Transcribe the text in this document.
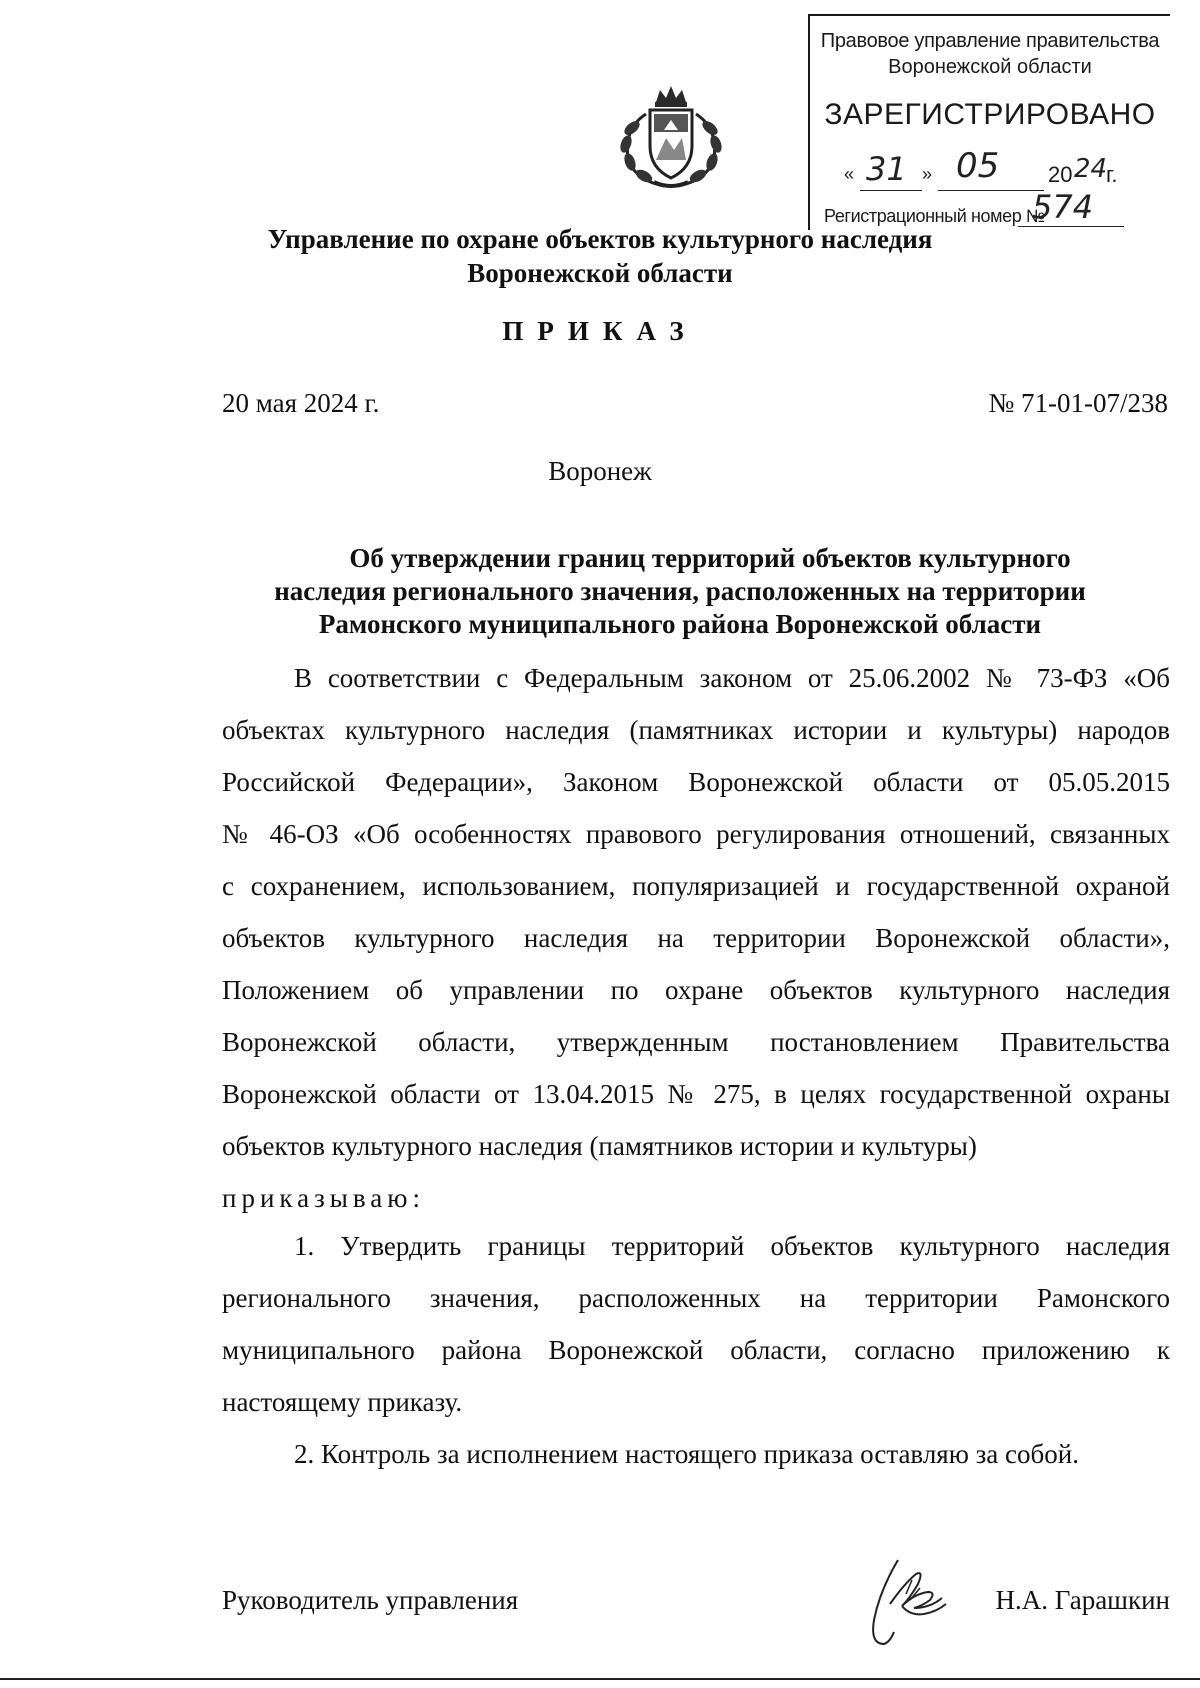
Правовое управление правительства
Воронежской области
ЗАРЕГИСТРИРОВАНО
« 31 » 05 20 24
г.
Регистрационный номер №
574
Управление по охране объектов культурного наследия
Воронежской области
ПРИКАЗ
20 мая 2024 г.	№ 71-01-07/238
Воронеж
Об утверждении границ территорий объектов культурного
наследия регионального значения, расположенных на территории
Рамонского муниципального района Воронежской области
В соответствии с Федеральным законом от 25.06.2002 № 73-ФЗ «Об
объектах культурного наследия (памятниках истории и культуры) народов
Российской Федерации», Законом Воронежской области от 05.05.2015
№ 46-ОЗ «Об особенностях правового регулирования отношений, связанных
с сохранением, использованием, популяризацией и государственной охраной
объектов культурного наследия на территории Воронежской области»,
Положением об управлении по охране объектов культурного наследия
Воронежской области, утвержденным постановлением Правительства
Воронежской области от 13.04.2015 № 275, в целях государственной охраны
объектов культурного наследия (памятников истории и культуры)
приказываю:
1. Утвердить границы территорий объектов культурного наследия
регионального значения, расположенных на территории Рамонского
муниципального района Воронежской области, согласно приложению к
настоящему приказу.
2. Контроль за исполнением настоящего приказа оставляю за собой.
Руководитель управления	Н.А. Гарашкин
